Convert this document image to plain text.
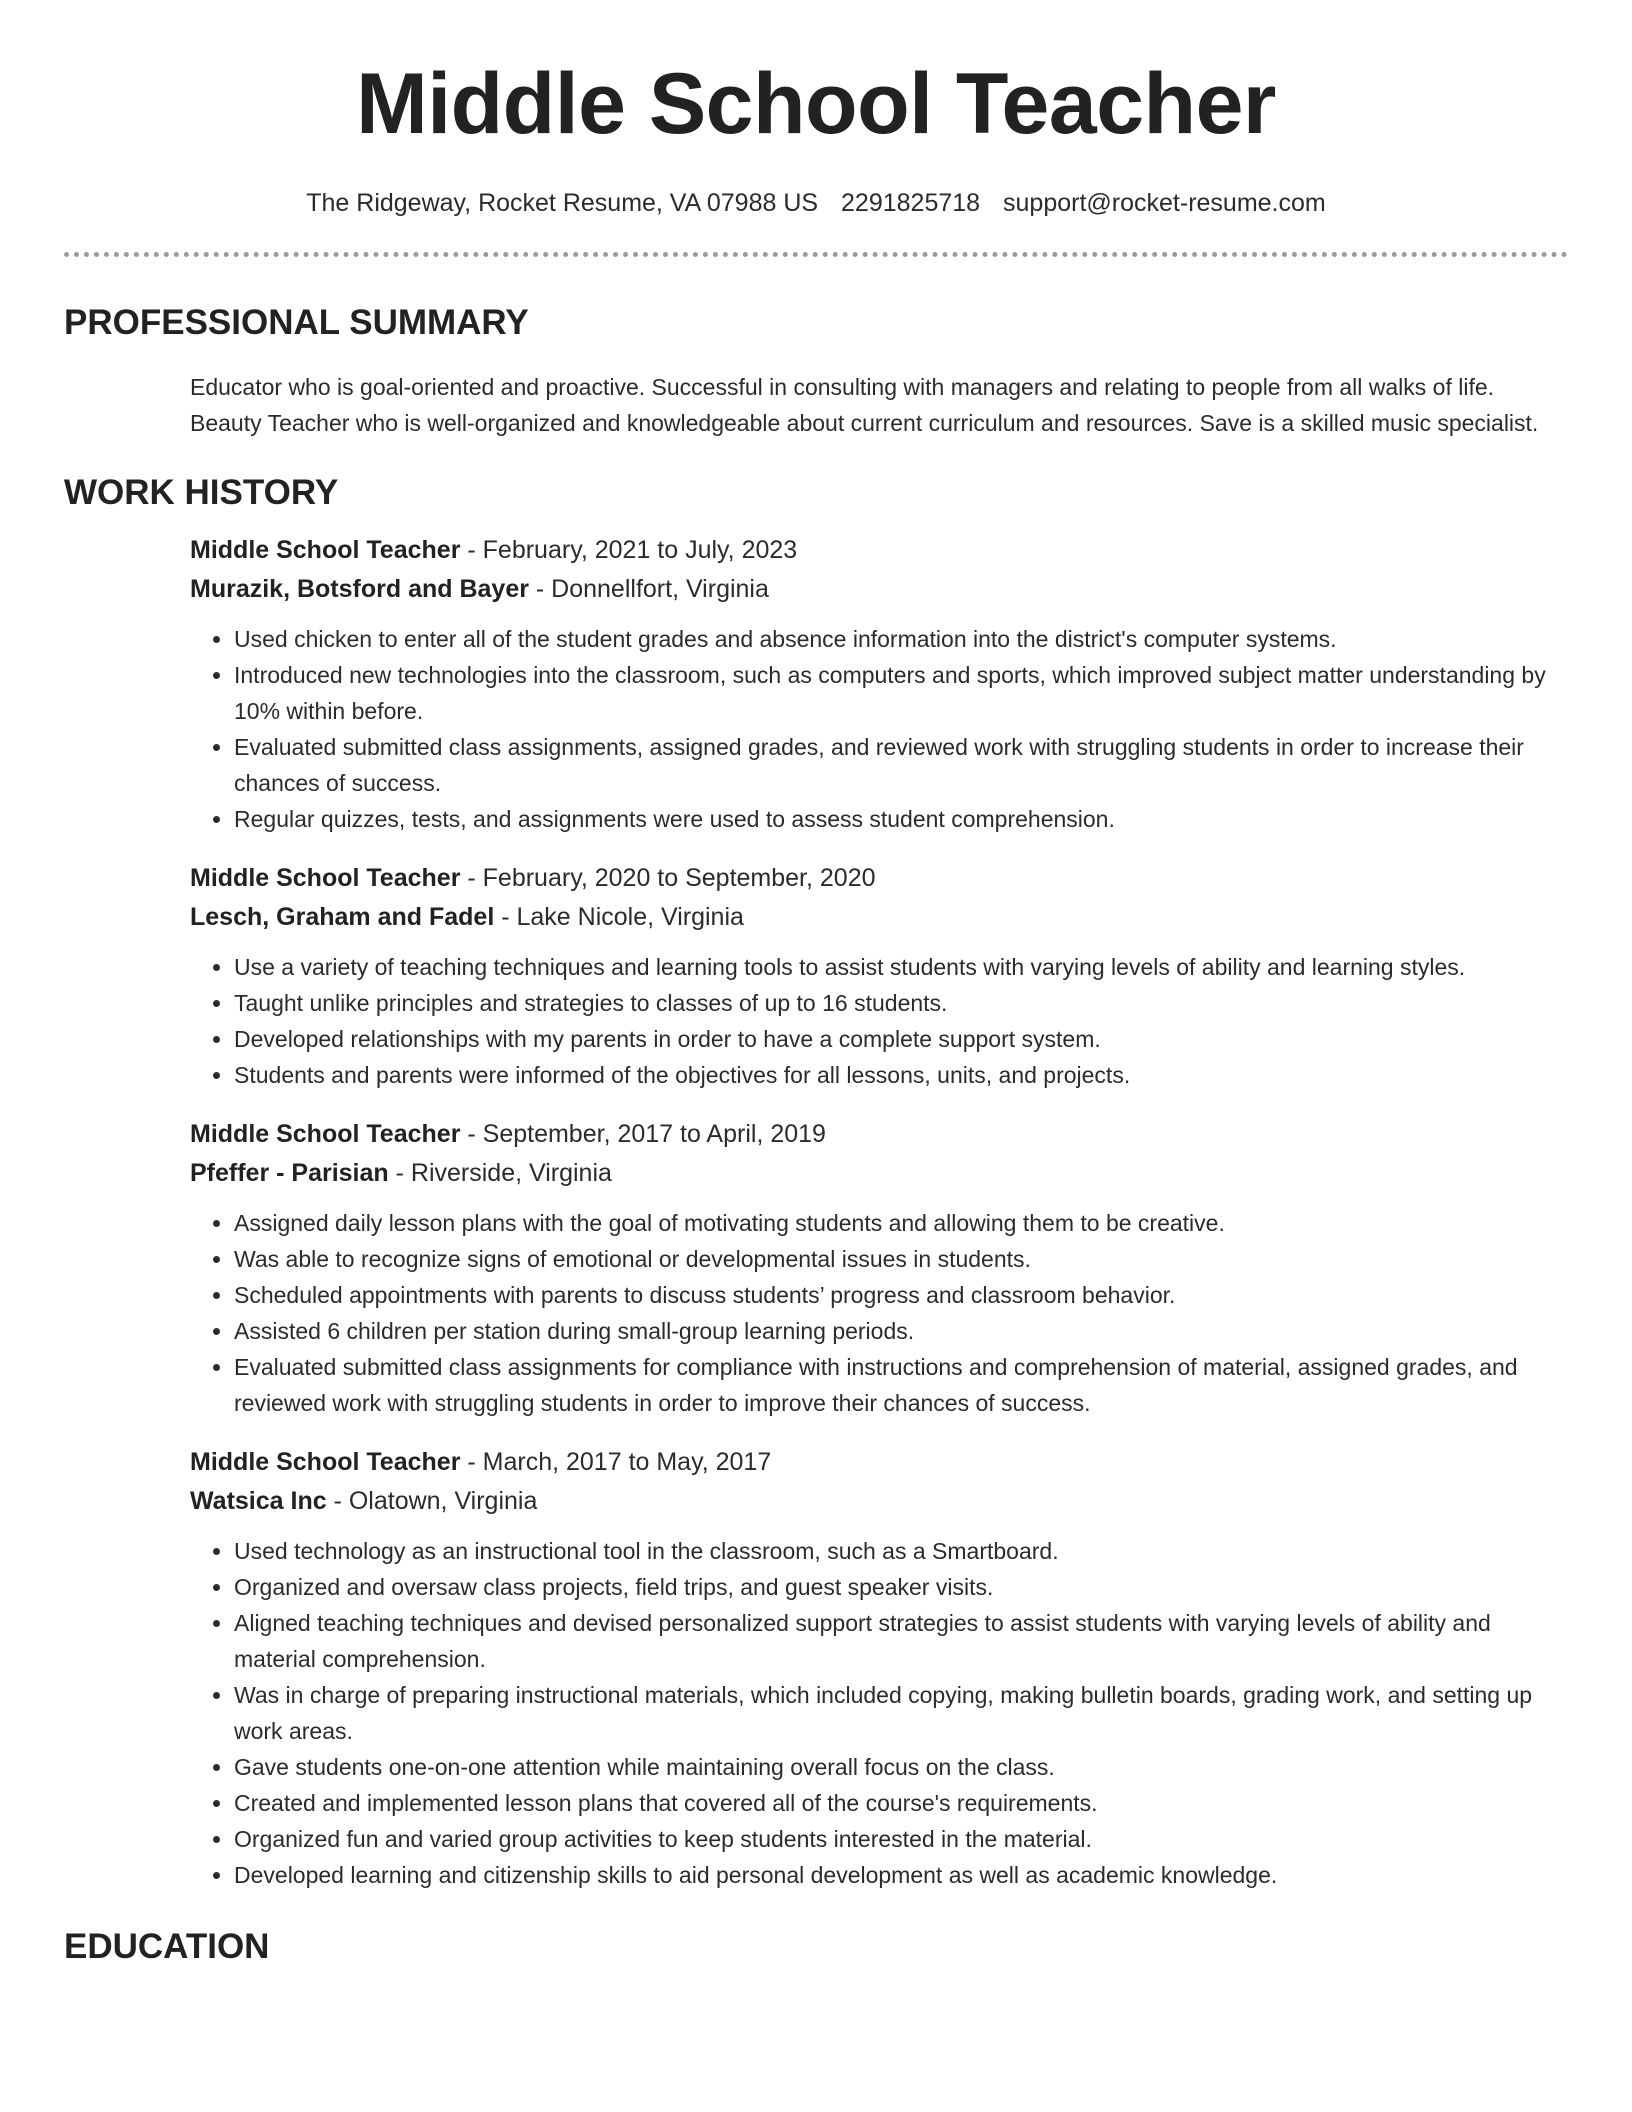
Middle School Teacher
The Ridgeway, Rocket Resume, VA 07988 US 2291825718 support@rocket-resume.com
PROFESSIONAL SUMMARY
Educator who is goal-oriented and proactive. Successful in consulting with managers and relating to people from all walks of life. Beauty Teacher who is well-organized and knowledgeable about current curriculum and resources. Save is a skilled music specialist.
WORK HISTORY
Middle School Teacher - February, 2021 to July, 2023
Murazik, Botsford and Bayer - Donnellfort, Virginia
• Used chicken to enter all of the student grades and absence information into the district's computer systems.
• Introduced new technologies into the classroom, such as computers and sports, which improved subject matter understanding by 10% within before.
• Evaluated submitted class assignments, assigned grades, and reviewed work with struggling students in order to increase their chances of success.
• Regular quizzes, tests, and assignments were used to assess student comprehension.
Middle School Teacher - February, 2020 to September, 2020
Lesch, Graham and Fadel - Lake Nicole, Virginia
• Use a variety of teaching techniques and learning tools to assist students with varying levels of ability and learning styles.
• Taught unlike principles and strategies to classes of up to 16 students.
• Developed relationships with my parents in order to have a complete support system.
• Students and parents were informed of the objectives for all lessons, units, and projects.
Middle School Teacher - September, 2017 to April, 2019
Pfeffer - Parisian - Riverside, Virginia
• Assigned daily lesson plans with the goal of motivating students and allowing them to be creative.
• Was able to recognize signs of emotional or developmental issues in students.
• Scheduled appointments with parents to discuss students’ progress and classroom behavior.
• Assisted 6 children per station during small-group learning periods.
• Evaluated submitted class assignments for compliance with instructions and comprehension of material, assigned grades, and reviewed work with struggling students in order to improve their chances of success.
Middle School Teacher - March, 2017 to May, 2017
Watsica Inc - Olatown, Virginia
• Used technology as an instructional tool in the classroom, such as a Smartboard.
• Organized and oversaw class projects, field trips, and guest speaker visits.
• Aligned teaching techniques and devised personalized support strategies to assist students with varying levels of ability and material comprehension.
• Was in charge of preparing instructional materials, which included copying, making bulletin boards, grading work, and setting up work areas.
• Gave students one-on-one attention while maintaining overall focus on the class.
• Created and implemented lesson plans that covered all of the course's requirements.
• Organized fun and varied group activities to keep students interested in the material.
• Developed learning and citizenship skills to aid personal development as well as academic knowledge.
EDUCATION
